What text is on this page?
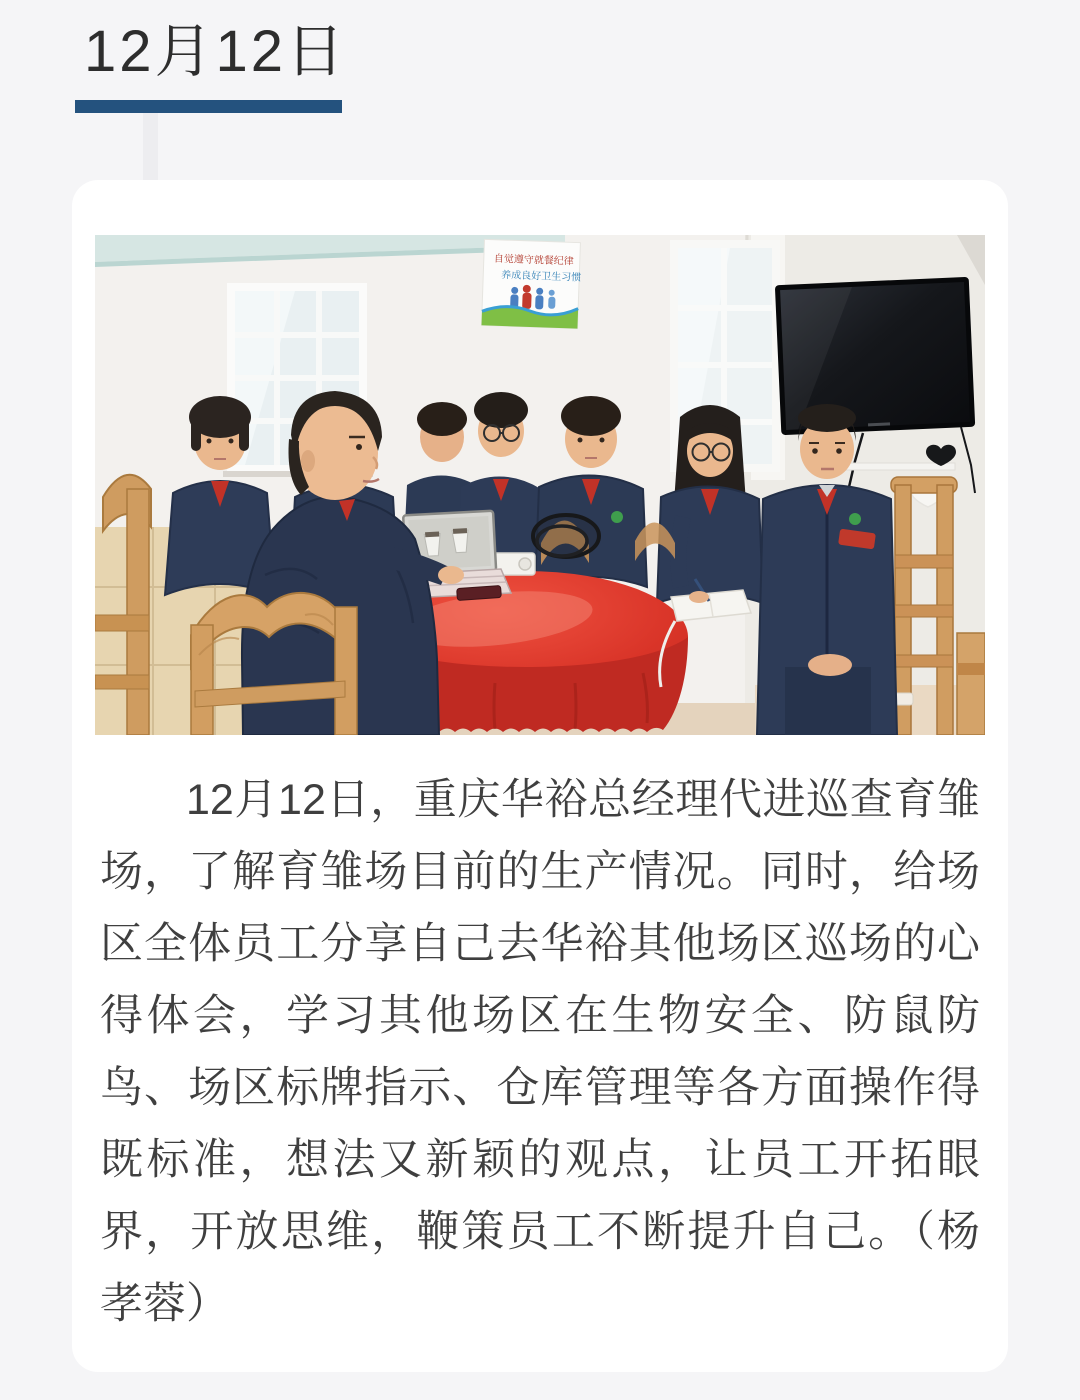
12月12日
自觉遵守就餐纪律
养成良好卫生习惯

12月12日，重庆华裕总经理代进巡查育雏场，了解育雏场目前的生产情况。同时，给场区全体员工分享自己去华裕其他场区巡场的心得体会，学习其他场区在生物安全、防鼠防鸟、场区标牌指示、仓库管理等各方面操作得既标准，想法又新颖的观点，让员工开拓眼界，开放思维，鞭策员工不断提升自己。（杨孝蓉）
